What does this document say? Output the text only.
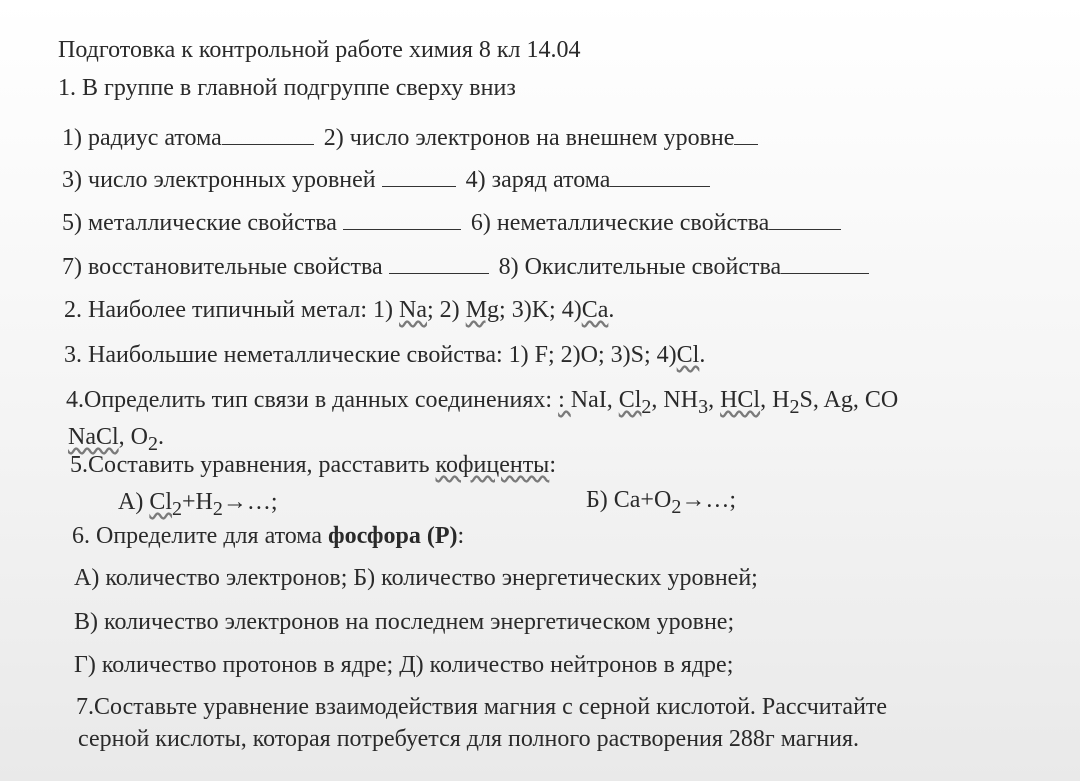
Подготовка к контрольной работе химия 8 кл 14.04
1. В группе в главной подгруппе сверху вниз
1) радиус атома	2) число электронов на внешнем уровне
3) число электронных уровней	4) заряд атома
5) металлические свойства	6) неметаллические свойства
7) восстановительные свойства	8) Окислительные свойства
2. Наиболее типичный метал: 1) Na; 2) Mg; 3)K; 4)Ca.
3. Наибольшие неметаллические свойства: 1) F; 2)O; 3)S; 4)Cl.
4.Определить тип связи в данных соединениях: : NaI, $Cl_2$, $NH_3$, HCl, $H_2S$, Ag, CO
NaCl, $O_2$.
5.Составить уравнения, расставить кофиценты:
А) $Cl_2+H_2\to\dots$;	Б) $Ca+O_2\to\dots$;
6. Определите для атома фосфора (Р):
А) количество электронов; Б) количество энергетических уровней;
В) количество электронов на последнем энергетическом уровне;
Г) количество протонов в ядре; Д) количество нейтронов в ядре;
7.Составьте уравнение взаимодействия магния с серной кислотой. Рассчитайте
серной кислоты, которая потребуется для полного растворения 288г магния.
